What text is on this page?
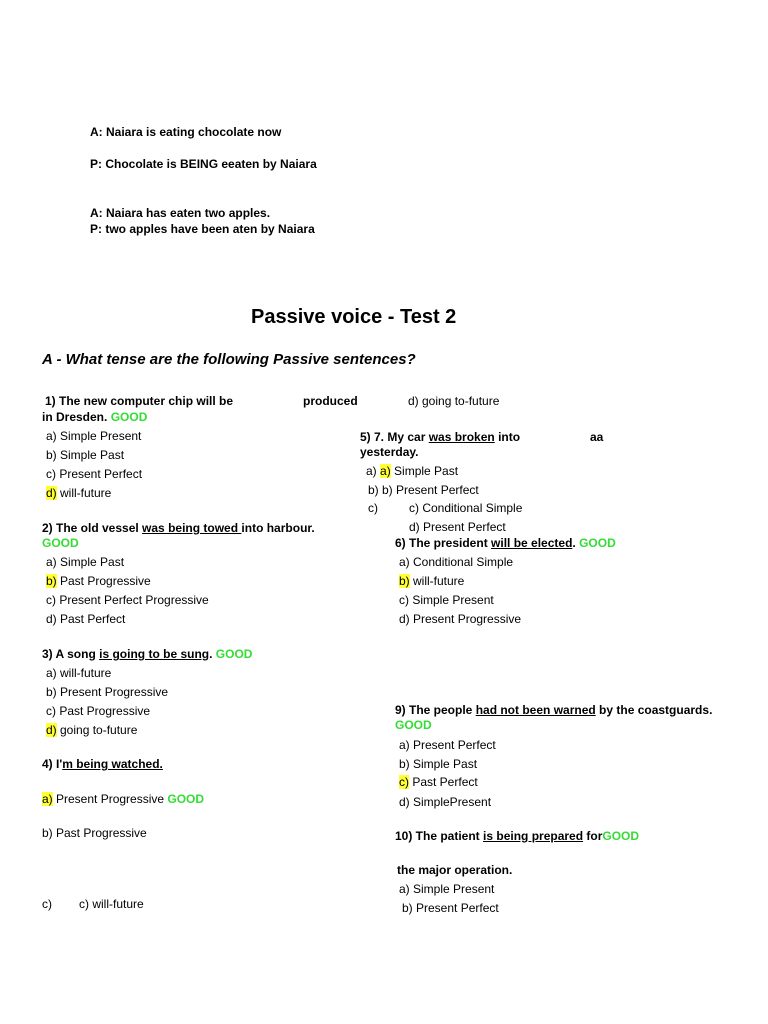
A: Naiara is eating chocolate now
P: Chocolate is BEING eeaten by Naiara
A: Naiara has eaten two apples.
P: two apples have been aten by Naiara
Passive voice - Test 2
A - What tense are the following Passive sentences?
1) The new computer chip will be	produced	d) going to-future
in Dresden. GOOD
a) Simple Present
b) Simple Past
c) Present Perfect
d) will-future
2) The old vessel was being towed into harbour.
GOOD
a) Simple Past
b) Past Progressive
c) Present Perfect Progressive
d) Past Perfect
3) A song is going to be sung. GOOD
a) will-future
b) Present Progressive
c) Past Progressive
d) going to-future
4) I'm being watched.
a) Present Progressive GOOD
b) Past Progressive
c) c) will-future
5) 7. My car was broken into	aa
yesterday.
a) a) Simple Past
b) b) Present Perfect
c)	c) Conditional Simple
d) Present Perfect
6) The president will be elected. GOOD
a) Conditional Simple
b) will-future
c) Simple Present
d) Present Progressive
9) The people had not been warned by the coastguards.
GOOD
a) Present Perfect
b) Simple Past
c) Past Perfect
d) SimplePresent
10) The patient is being prepared forGOOD
the major operation.
a) Simple Present
b) Present Perfect
